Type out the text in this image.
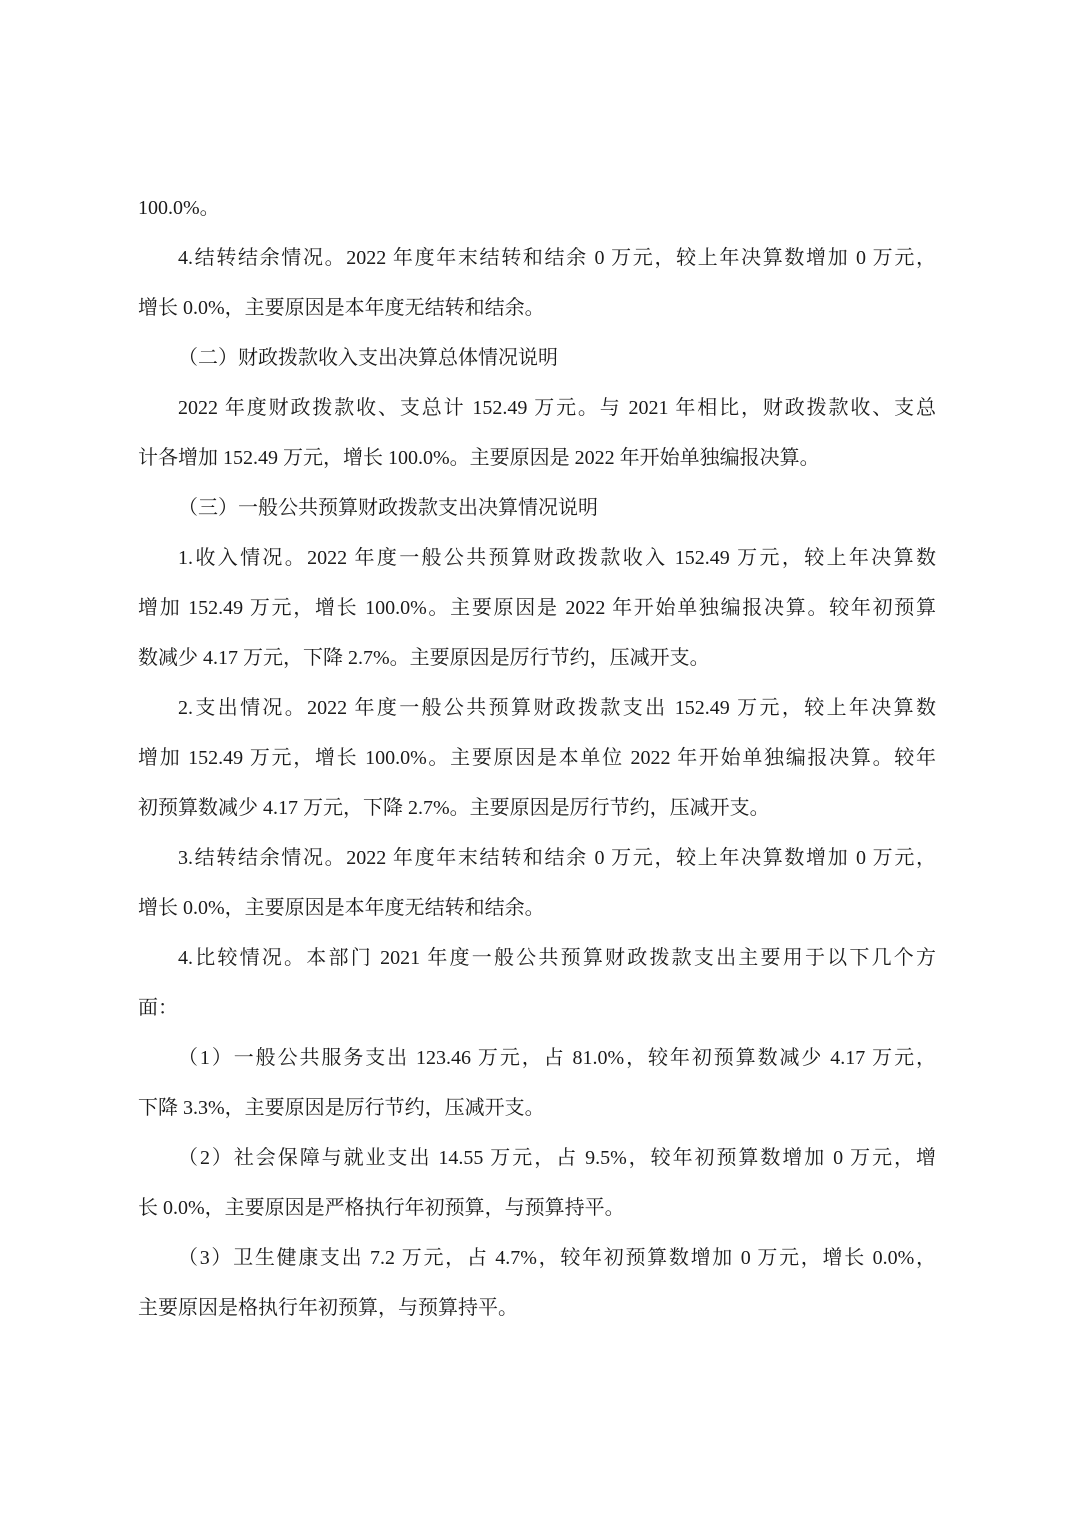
100.0%。
4.结转结余情况。2022 年度年末结转和结余 0 万元，较上年决算数增加 0 万元，
增长 0.0%，主要原因是本年度无结转和结余。
（二）财政拨款收入支出决算总体情况说明
2022 年度财政拨款收、支总计 152.49 万元。与 2021 年相比，财政拨款收、支总
计各增加 152.49 万元，增长 100.0%。主要原因是 2022 年开始单独编报决算。
（三）一般公共预算财政拨款支出决算情况说明
1.收入情况。2022 年度一般公共预算财政拨款收入 152.49 万元，较上年决算数
增加 152.49 万元，增长 100.0%。主要原因是 2022 年开始单独编报决算。较年初预算
数减少 4.17 万元，下降 2.7%。主要原因是厉行节约，压减开支。
2.支出情况。2022 年度一般公共预算财政拨款支出 152.49 万元，较上年决算数
增加 152.49 万元，增长 100.0%。主要原因是本单位 2022 年开始单独编报决算。较年
初预算数减少 4.17 万元，下降 2.7%。主要原因是厉行节约，压减开支。
3.结转结余情况。2022 年度年末结转和结余 0 万元，较上年决算数增加 0 万元，
增长 0.0%，主要原因是本年度无结转和结余。
4.比较情况。本部门 2021 年度一般公共预算财政拨款支出主要用于以下几个方
面：
（1）一般公共服务支出 123.46 万元，占 81.0%，较年初预算数减少 4.17 万元，
下降 3.3%，主要原因是厉行节约，压减开支。
（2）社会保障与就业支出 14.55 万元，占 9.5%，较年初预算数增加 0 万元，增
长 0.0%，主要原因是严格执行年初预算，与预算持平。
（3）卫生健康支出 7.2 万元，占 4.7%，较年初预算数增加 0 万元，增长 0.0%，
主要原因是格执行年初预算，与预算持平。
